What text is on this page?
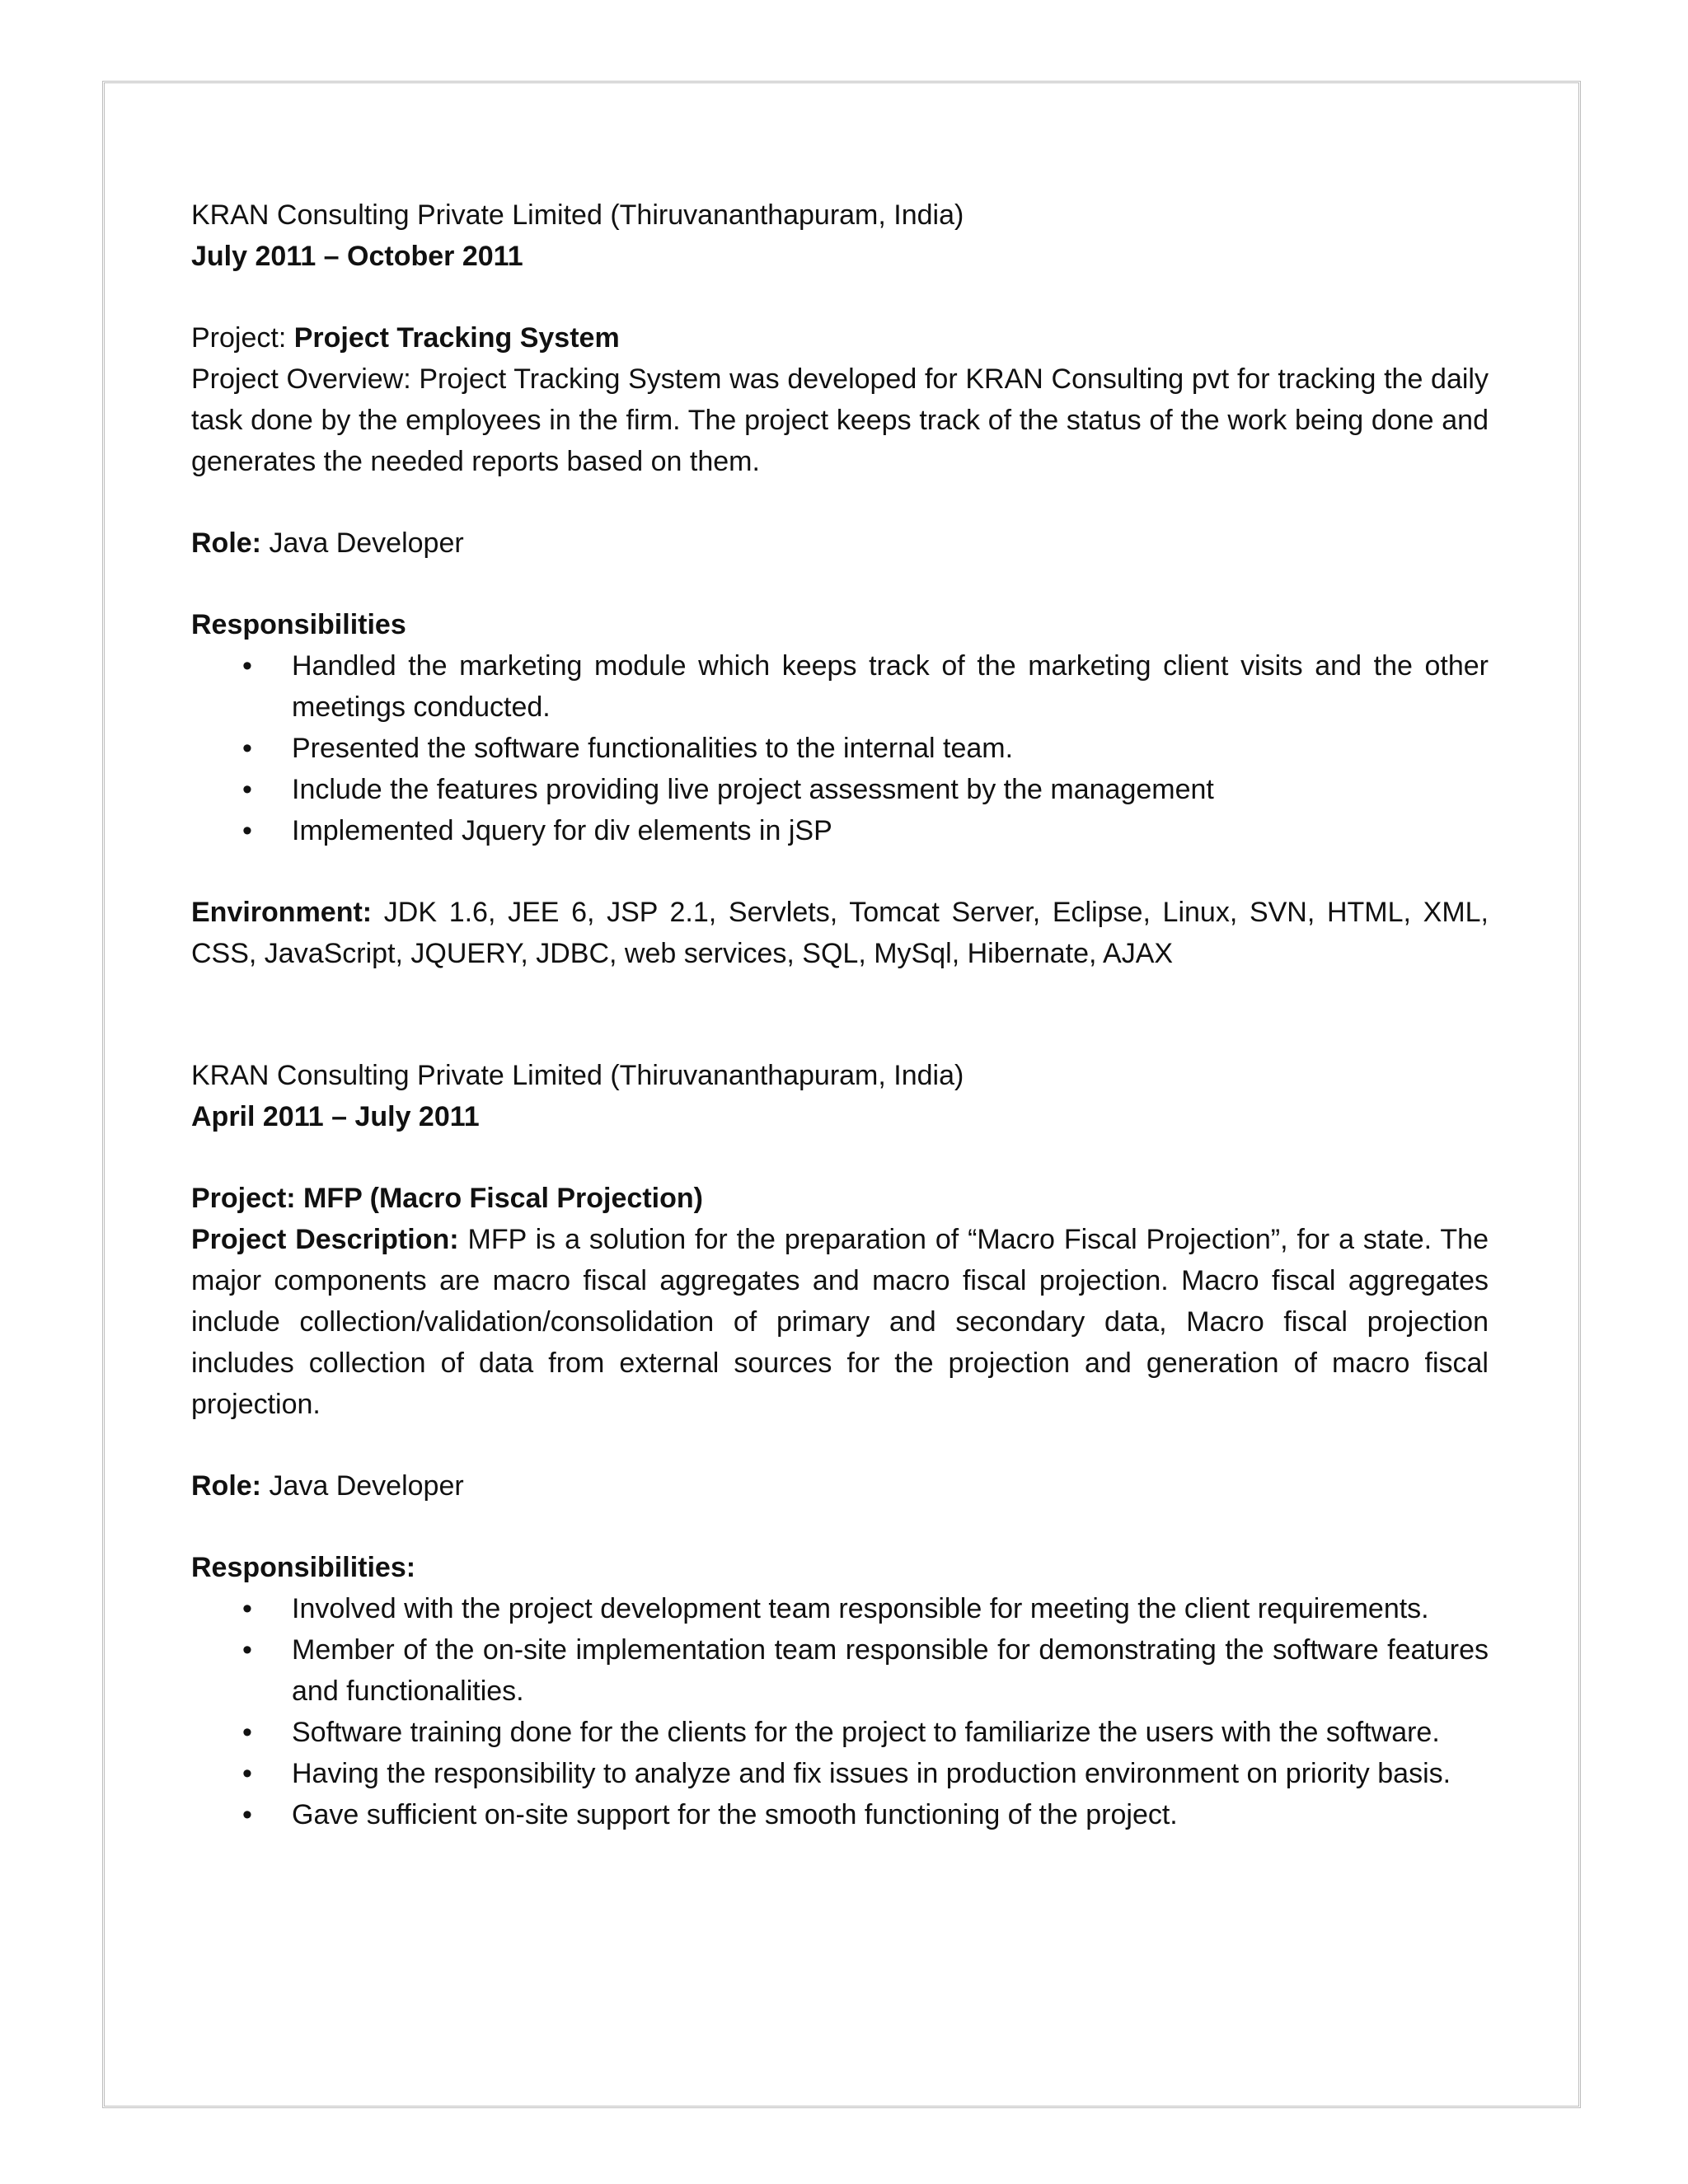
KRAN Consulting Private Limited (Thiruvananthapuram, India)

July 2011 – October 2011

Project: Project Tracking System

Project Overview: Project Tracking System was developed for KRAN Consulting pvt for tracking the daily task done by the employees in the firm. The project keeps track of the status of the work being done and generates the needed reports based on them.

Role: Java Developer

Responsibilities

• Handled the marketing module which keeps track of the marketing client visits and the other meetings conducted.
• Presented the software functionalities to the internal team.
• Include the features providing live project assessment by the management
• Implemented Jquery for div elements in jSP

Environment: JDK 1.6, JEE 6, JSP 2.1, Servlets, Tomcat Server, Eclipse, Linux, SVN, HTML, XML, CSS, JavaScript, JQUERY, JDBC, web services, SQL, MySql, Hibernate, AJAX

KRAN Consulting Private Limited (Thiruvananthapuram, India)

April 2011 – July 2011

Project: MFP (Macro Fiscal Projection)

Project Description: MFP is a solution for the preparation of “Macro Fiscal Projection”, for a state. The major components are macro fiscal aggregates and macro fiscal projection. Macro fiscal aggregates include collection/validation/consolidation of primary and secondary data, Macro fiscal projection includes collection of data from external sources for the projection and generation of macro fiscal projection.

Role: Java Developer

Responsibilities:

• Involved with the project development team responsible for meeting the client requirements.
• Member of the on-site implementation team responsible for demonstrating the software features and functionalities.
• Software training done for the clients for the project to familiarize the users with the software.
• Having the responsibility to analyze and fix issues in production environment on priority basis.
• Gave sufficient on-site support for the smooth functioning of the project.
